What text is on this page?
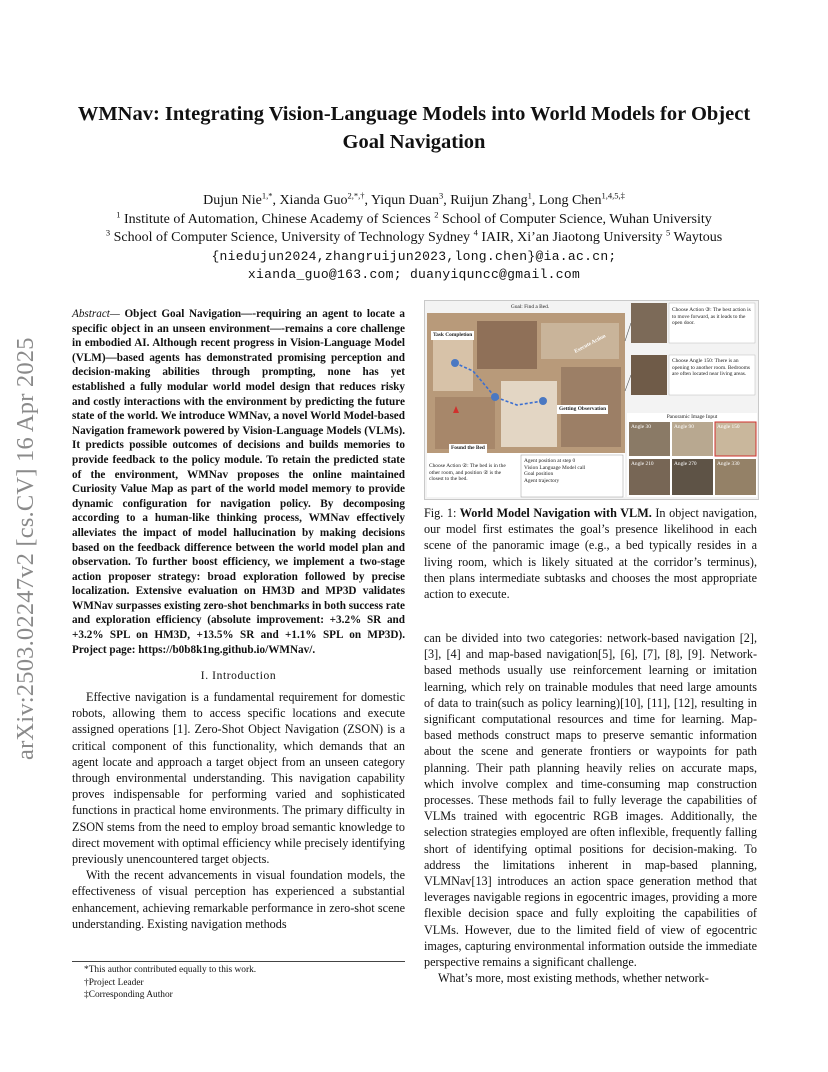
arXiv:2503.02247v2 [cs.CV] 16 Apr 2025
WMNav: Integrating Vision-Language Models into World Models for Object Goal Navigation
Dujun Nie$^{1,*}$, Xianda Guo$^{2,*,\dagger}$, Yiqun Duan$^3$, Ruijun Zhang$^1$, Long Chen$^{1,4,5,\ddagger}$
$^1$ Institute of Automation, Chinese Academy of Sciences $^2$ School of Computer Science, Wuhan University
$^3$ School of Computer Science, University of Technology Sydney $^4$ IAIR, Xi’an Jiaotong University $^5$ Waytous
{niedujun2024,zhangruijun2023,long.chen}@ia.ac.cn;
xianda_guo@163.com; duanyiquncc@gmail.com
Abstract— Object Goal Navigation—-requiring an agent to locate a specific object in an unseen environment—-remains a core challenge in embodied AI. Although recent progress in Vision-Language Model (VLM)—based agents has demonstrated promising perception and decision-making abilities through prompting, none has yet established a fully modular world model design that reduces risky and costly interactions with the environment by predicting the future state of the world. We introduce WMNav, a novel World Model-based Navigation framework powered by Vision-Language Models (VLMs). It predicts possible outcomes of decisions and builds memories to provide feedback to the policy module. To retain the predicted state of the environment, WMNav proposes the online maintained Curiosity Value Map as part of the world model memory to provide dynamic configuration for navigation policy. By decomposing according to a human-like thinking process, WMNav effectively alleviates the impact of model hallucination by making decisions based on the feedback difference between the world model plan and observation. To further boost efficiency, we implement a two-stage action proposer strategy: broad exploration followed by precise localization. Extensive evaluation on HM3D and MP3D validates WMNav surpasses existing zero-shot benchmarks in both success rate and exploration efficiency (absolute improvement: +3.2% SR and +3.2% SPL on HM3D, +13.5% SR and +1.1% SPL on MP3D). Project page: https://b0b8k1ng.github.io/WMNav/.
I. Introduction

Effective navigation is a fundamental requirement for domestic robots, allowing them to access specific locations and execute assigned operations [1]. Zero-Shot Object Navigation (ZSON) is a critical component of this functionality, which demands that an agent locate and approach a target object from an unseen category through environmental understanding. This navigation capability proves indispensable for performing varied and sophisticated functions in practical home environments. The primary difficulty in ZSON stems from the need to employ broad semantic knowledge to direct movement with optimal efficiency while precisely identifying previously unencountered target objects.

With the recent advancements in visual foundation models, the effectiveness of visual perception has experienced a substantial enhancement, achieving remarkable performance in zero-shot scene understanding. Existing navigation methods

*This author contributed equally to this work.
†Project Leader
‡Corresponding Author
Goal: Find a Bed.
Task Completion	Execute Action
Getting Observation
Found the Bed
Choose Action ②: The bed is in the other room, and position ② is the closest to the bed.
Agent position at step 0
Vision Language Model call
Goal position
Agent trajectory
Choose Action ③: The best action is to move forward, as it leads to the open door.
Choose Angle 150: There is an opening to another room. Bedrooms are often located near living areas.
Panoramic Image Input
Angle 30	Angle 90	Angle 150
Angle 210	Angle 270	Angle 330
Fig. 1: World Model Navigation with VLM. In object navigation, our model first estimates the goal’s presence likelihood in each scene of the panoramic image (e.g., a bed typically resides in a living room, which is likely situated at the corridor’s terminus), then plans intermediate subtasks and chooses the most appropriate action to execute.

can be divided into two categories: network-based navigation [2], [3], [4] and map-based navigation[5], [6], [7], [8], [9]. Network-based methods usually use reinforcement learning or imitation learning, which rely on trainable modules that need large amounts of data to train(such as policy learning)[10], [11], [12], resulting in significant computational resources and time for learning. Map-based methods construct maps to preserve semantic information about the scene and generate frontiers or waypoints for path planning. Their path planning heavily relies on accurate maps, which involve complex and time-consuming map construction processes. These methods fail to fully leverage the capabilities of VLMs trained with egocentric RGB images. Additionally, the selection strategies employed are often inflexible, frequently falling short of identifying optimal positions for decision-making. To address the limitations inherent in map-based planning, VLMNav[13] introduces an action space generation method that leverages navigable regions in egocentric images, providing a more flexible decision space and fully exploiting the capabilities of VLMs. However, due to the limited field of view of egocentric images, capturing environmental information outside the immediate perspective remains a significant challenge.

What’s more, most existing methods, whether network-
